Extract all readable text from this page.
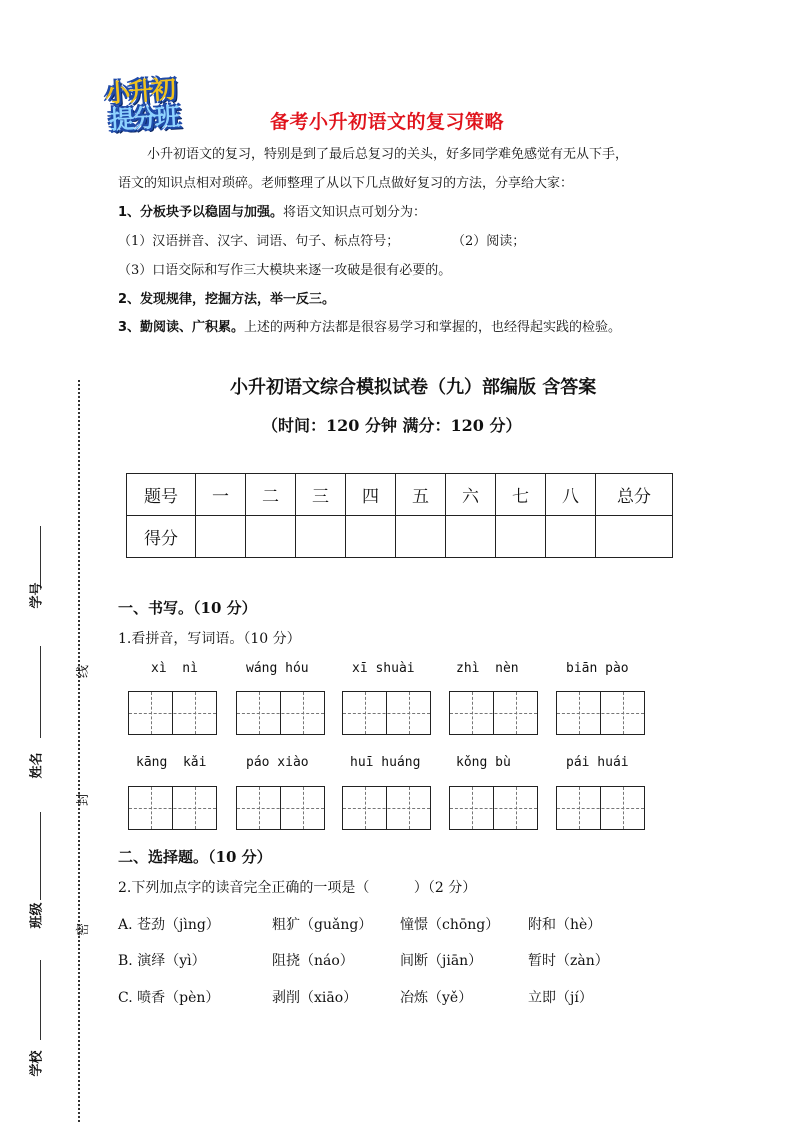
小升初
提分班	备考小升初语文的复习策略
小升初语文的复习，特别是到了最后总复习的关头，好多同学难免感觉有无从下手，
语文的知识点相对琐碎。老师整理了从以下几点做好复习的方法，分享给大家：
1、分板块予以稳固与加强。将语文知识点可划分为：
（1）汉语拼音、汉字、词语、句子、标点符号；	（2）阅读；
（3）口语交际和写作三大模块来逐一攻破是很有必要的。
2、发现规律，挖掘方法，举一反三。
3、勤阅读、广积累。上述的两种方法都是很容易学习和掌握的，也经得起实践的检验。
小升初语文综合模拟试卷（九）部编版 含答案
（时间：120 分钟 满分：120 分）
题号	一	二	三	四	五	六	七	八	总分
得分									
一、书写。（10 分）
1.看拼音，写词语。（10 分）
xì  nì	wáng hóu	xī shuài	zhì  nèn	biān pào
kāng  kǎi	páo xiào	huī huáng	kǒng bù	pái huái
二、选择题。（10 分）
2.下列加点字的读音完全正确的一项是（          ）（2 分）
A. 苍劲（jìng）	粗犷（guǎng） 憧憬（chōng） 附和（hè）
B. 演绎（yì）	阻挠（náo）	间断（jiān）	暂时（zàn）
C. 喷香（pèn）	剥削（xiāo）	冶炼（yě）	立即（jí）
学号
姓名
班级
学校
线
封
密
